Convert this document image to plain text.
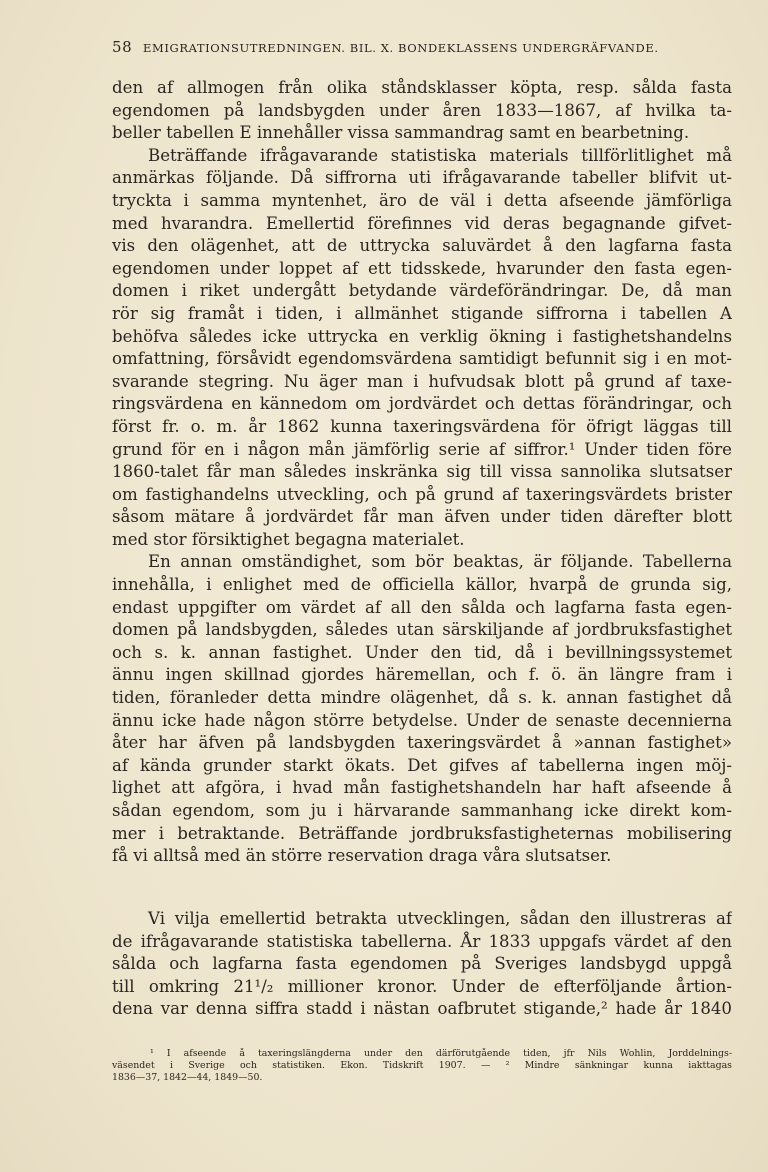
58 EMIGRATIONSUTREDNINGEN. BIL. X. BONDEKLASSENS UNDERGRÄFVANDE.
den af allmogen från olika ståndsklasser köpta, resp. sålda fasta
egendomen på landsbygden under åren 1833—1867, af hvilka ta-
beller tabellen E innehåller vissa sammandrag samt en bearbetning.
Beträffande ifrågavarande statistiska materials tillförlitlighet må
anmärkas följande. Då siffrorna uti ifrågavarande tabeller blifvit ut-
tryckta i samma myntenhet, äro de väl i detta afseende jämförliga
med hvarandra. Emellertid förefinnes vid deras begagnande gifvet-
vis den olägenhet, att de uttrycka saluvärdet å den lagfarna fasta
egendomen under loppet af ett tidsskede, hvarunder den fasta egen-
domen i riket undergått betydande värdeförändringar. De, då man
rör sig framåt i tiden, i allmänhet stigande siffrorna i tabellen A
behöfva således icke uttrycka en verklig ökning i fastighetshandelns
omfattning, försåvidt egendomsvärdena samtidigt befunnit sig i en mot-
svarande stegring. Nu äger man i hufvudsak blott på grund af taxe-
ringsvärdena en kännedom om jordvärdet och dettas förändringar, och
först fr. o. m. år 1862 kunna taxeringsvärdena för öfrigt läggas till
grund för en i någon mån jämförlig serie af siffror.¹ Under tiden före
1860-talet får man således inskränka sig till vissa sannolika slutsatser
om fastighandelns utveckling, och på grund af taxeringsvärdets brister
såsom mätare å jordvärdet får man äfven under tiden därefter blott
med stor försiktighet begagna materialet.
En annan omständighet, som bör beaktas, är följande. Tabellerna
innehålla, i enlighet med de officiella källor, hvarpå de grunda sig,
endast uppgifter om värdet af all den sålda och lagfarna fasta egen-
domen på landsbygden, således utan särskiljande af jordbruksfastighet
och s. k. annan fastighet. Under den tid, då i bevillningssystemet
ännu ingen skillnad gjordes häremellan, och f. ö. än längre fram i
tiden, föranleder detta mindre olägenhet, då s. k. annan fastighet då
ännu icke hade någon större betydelse. Under de senaste decennierna
åter har äfven på landsbygden taxeringsvärdet å »annan fastighet»
af kända grunder starkt ökats. Det gifves af tabellerna ingen möj-
lighet att afgöra, i hvad mån fastighetshandeln har haft afseende å
sådan egendom, som ju i härvarande sammanhang icke direkt kom-
mer i betraktande. Beträffande jordbruksfastigheternas mobilisering
få vi alltså med än större reservation draga våra slutsatser.
Vi vilja emellertid betrakta utvecklingen, sådan den illustreras af
de ifrågavarande statistiska tabellerna. År 1833 uppgafs värdet af den
sålda och lagfarna fasta egendomen på Sveriges landsbygd uppgå
till omkring 21¹/₂ millioner kronor. Under de efterföljande årtion-
dena var denna siffra stadd i nästan oafbrutet stigande,² hade år 1840
¹ I afseende å taxeringslängderna under den därförutgående tiden, jfr Nils Wohlin, Jorddelnings-
väsendet i Sverige och statistiken. Ekon. Tidskrift 1907. — ² Mindre sänkningar kunna iakttagas
1836—37, 1842—44, 1849—50.
